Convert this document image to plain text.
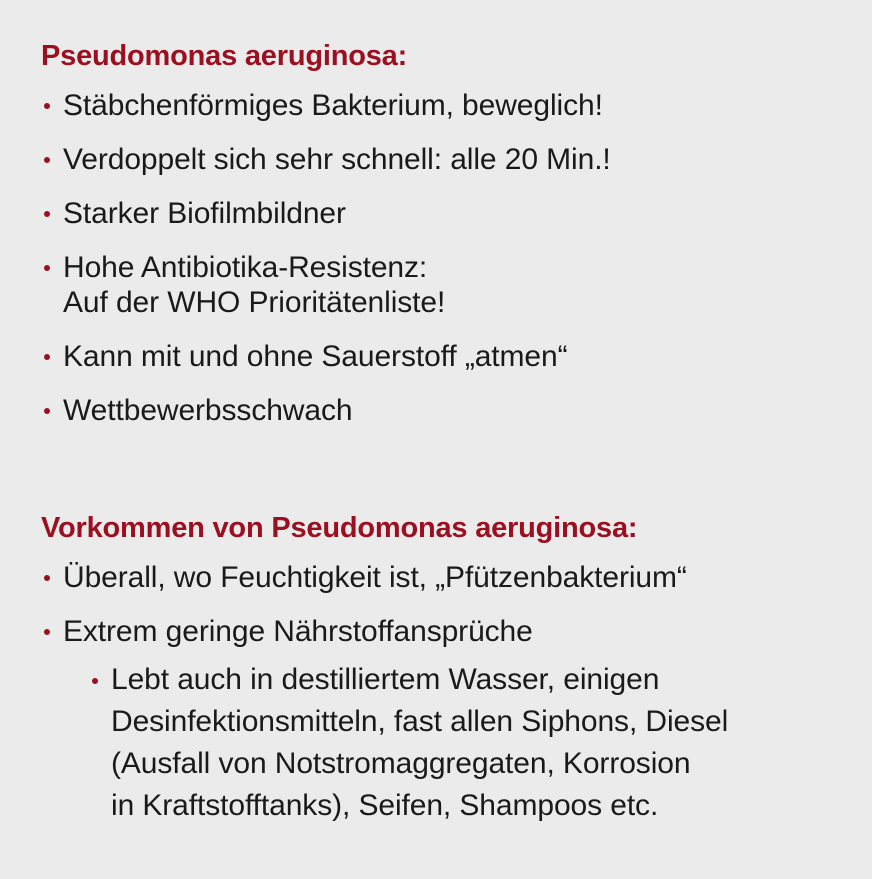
Pseudomonas aeruginosa:
Stäbchenförmiges Bakterium, beweglich!
Verdoppelt sich sehr schnell: alle 20 Min.!
Starker Biofilmbildner
Hohe Antibiotika-Resistenz:
Auf der WHO Prioritätenliste!
Kann mit und ohne Sauerstoff „atmen“
Wettbewerbsschwach
Vorkommen von Pseudomonas aeruginosa:
Überall, wo Feuchtigkeit ist, „Pfützenbakterium“
Extrem geringe Nährstoffansprüche
Lebt auch in destilliertem Wasser, einigen
Desinfektionsmitteln, fast allen Siphons, Diesel
(Ausfall von Notstromaggregaten, Korrosion
in Kraftstofftanks), Seifen, Shampoos etc.
